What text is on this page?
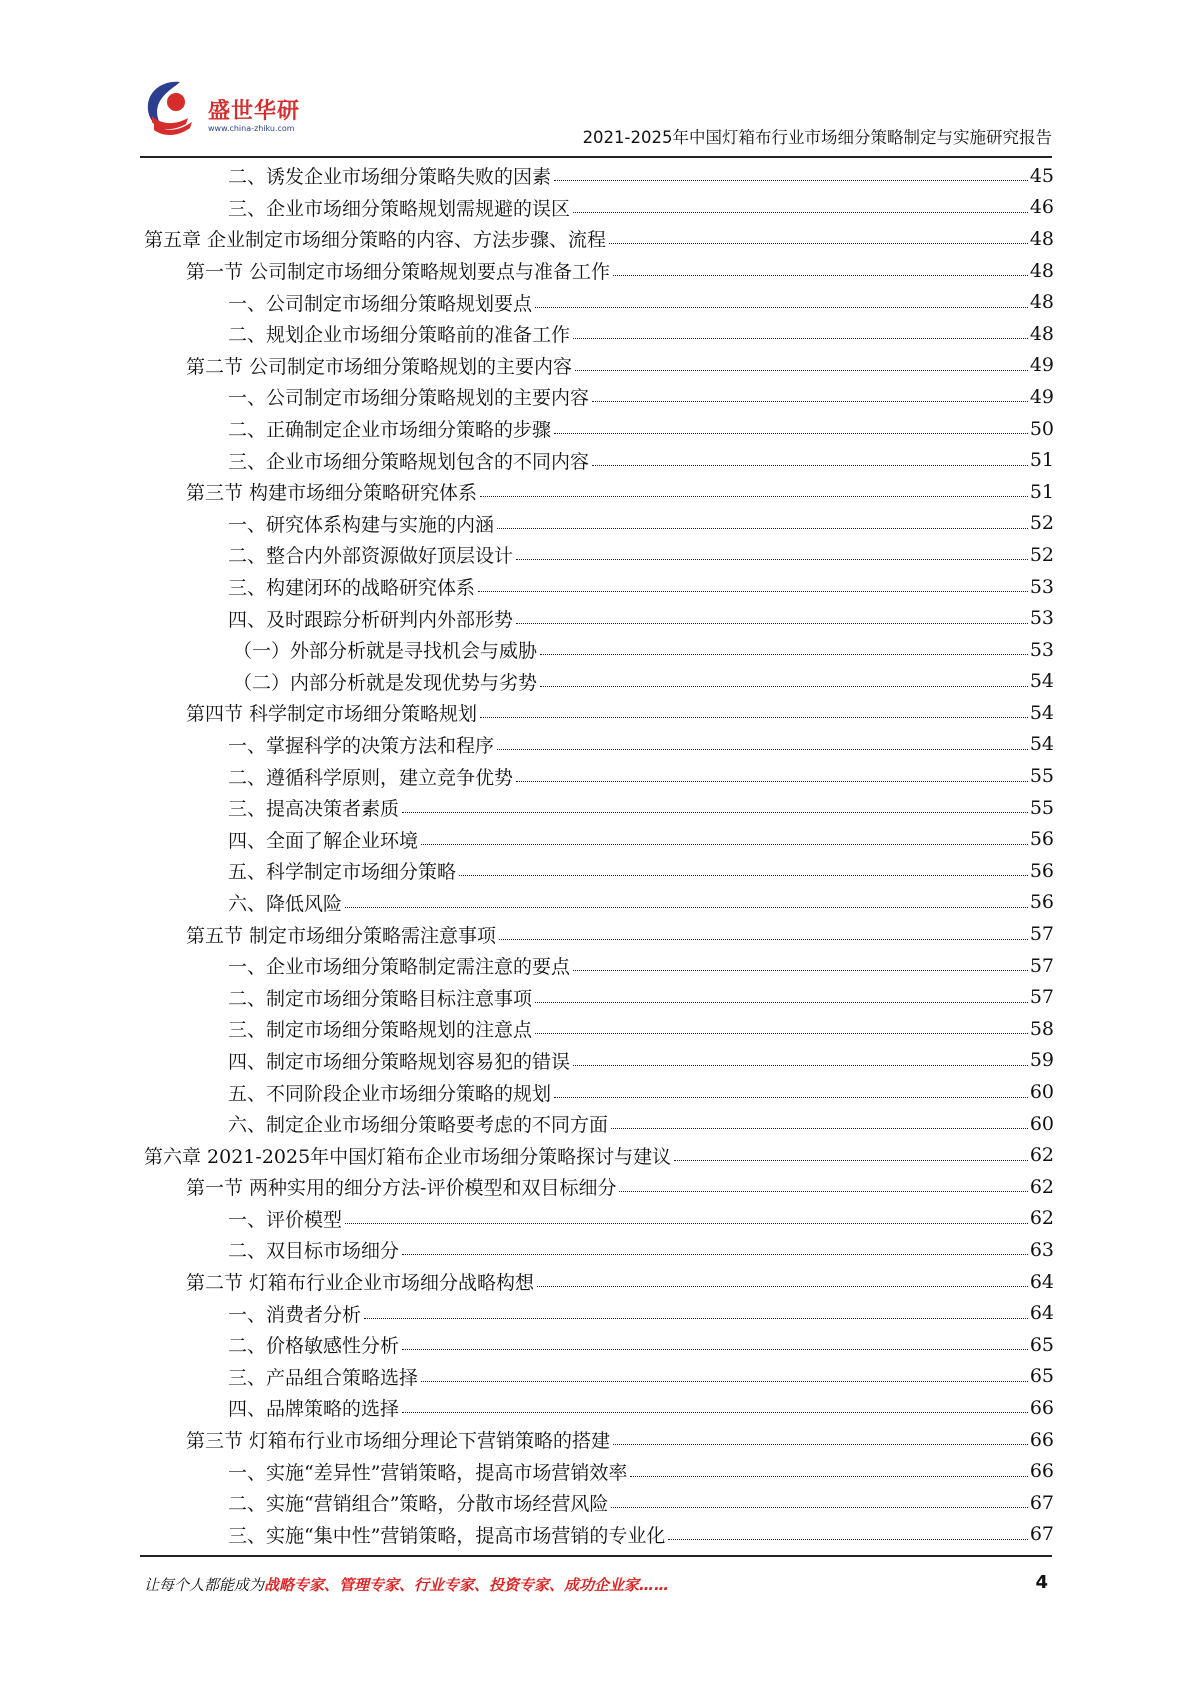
盛世华研
www.china-zhiku.com	2021-2025年中国灯箱布行业市场细分策略制定与实施研究报告
二、诱发企业市场细分策略失败的因素	45
三、企业市场细分策略规划需规避的误区	46
第五章 企业制定市场细分策略的内容、方法步骤、流程	48
第一节 公司制定市场细分策略规划要点与准备工作	48
一、公司制定市场细分策略规划要点	48
二、规划企业市场细分策略前的准备工作	48
第二节 公司制定市场细分策略规划的主要内容	49
一、公司制定市场细分策略规划的主要内容	49
二、正确制定企业市场细分策略的步骤	50
三、企业市场细分策略规划包含的不同内容	51
第三节 构建市场细分策略研究体系	51
一、研究体系构建与实施的内涵	52
二、整合内外部资源做好顶层设计	52
三、构建闭环的战略研究体系	53
四、及时跟踪分析研判内外部形势	53
（一）外部分析就是寻找机会与威胁	53
（二）内部分析就是发现优势与劣势	54
第四节 科学制定市场细分策略规划	54
一、掌握科学的决策方法和程序	54
二、遵循科学原则，建立竞争优势	55
三、提高决策者素质	55
四、全面了解企业环境	56
五、科学制定市场细分策略	56
六、降低风险	56
第五节 制定市场细分策略需注意事项	57
一、企业市场细分策略制定需注意的要点	57
二、制定市场细分策略目标注意事项	57
三、制定市场细分策略规划的注意点	58
四、制定市场细分策略规划容易犯的错误	59
五、不同阶段企业市场细分策略的规划	60
六、制定企业市场细分策略要考虑的不同方面	60
第六章 2021-2025年中国灯箱布企业市场细分策略探讨与建议	62
第一节 两种实用的细分方法-评价模型和双目标细分	62
一、评价模型	62
二、双目标市场细分	63
第二节 灯箱布行业企业市场细分战略构想	64
一、消费者分析	64
二、价格敏感性分析	65
三、产品组合策略选择	65
四、品牌策略的选择	66
第三节 灯箱布行业市场细分理论下营销策略的搭建	66
一、实施“差异性”营销策略，提高市场营销效率	66
二、实施“营销组合”策略，分散市场经营风险	67
三、实施“集中性”营销策略，提高市场营销的专业化	67
让每个人都能成为战略专家、管理专家、行业专家、投资专家、成功企业家……	4
